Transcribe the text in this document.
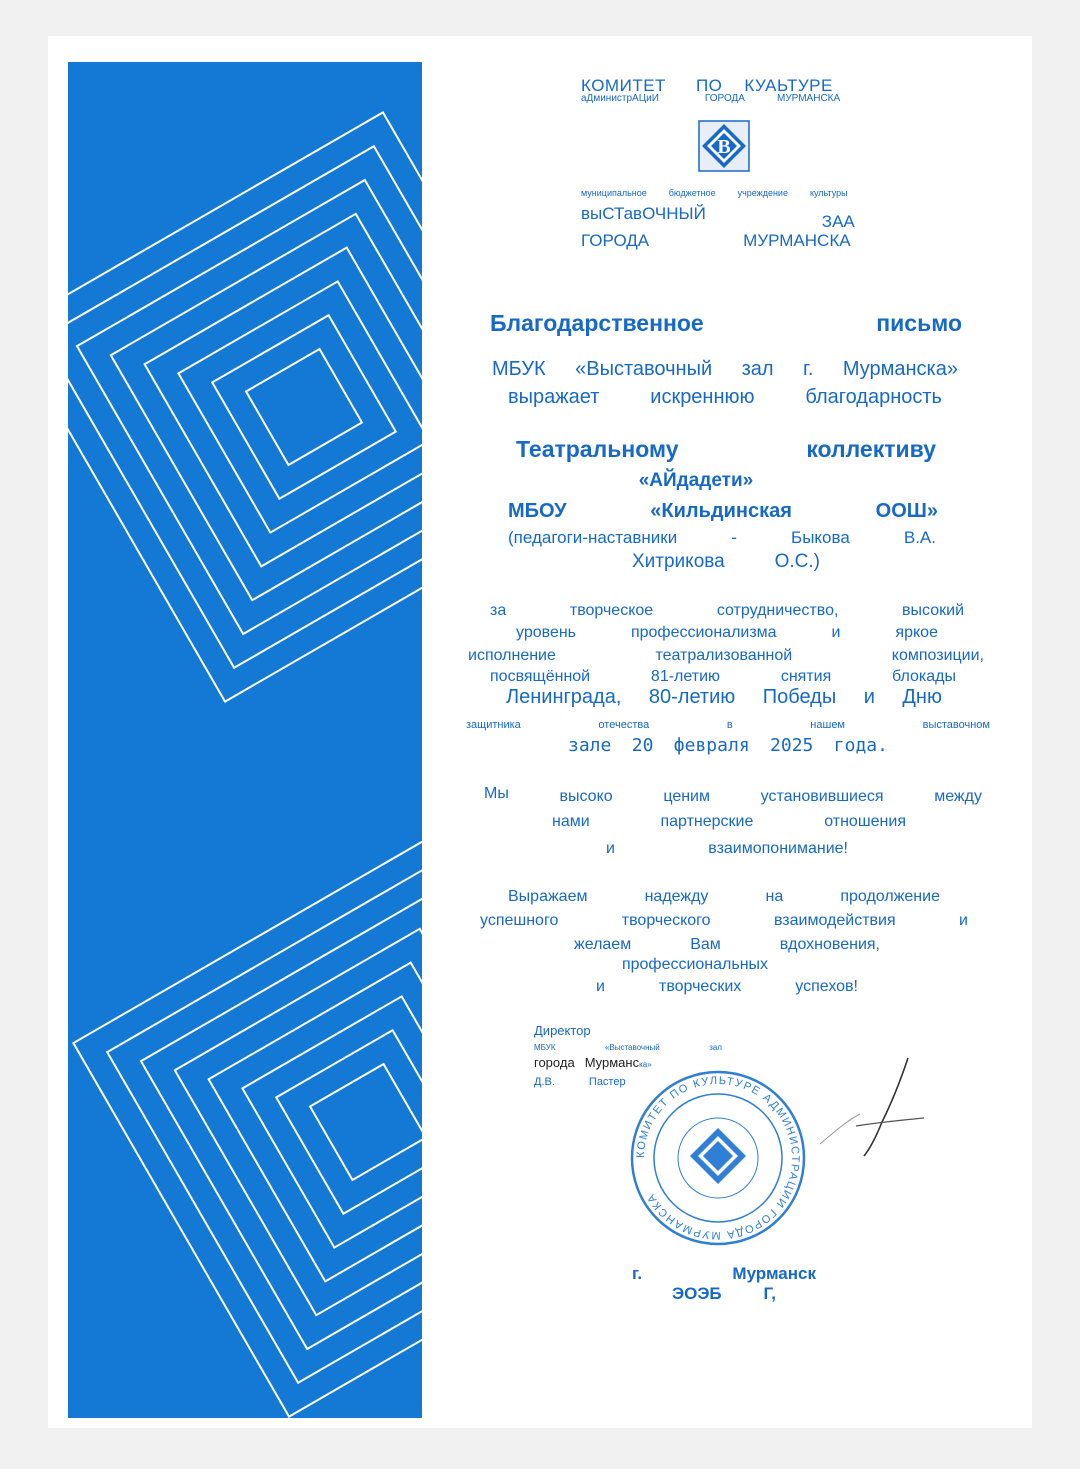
КОМИТЕТ ПО КУАЬТУРЕ
аДминистрАЦиИ	ГОРОДА	МУРМАНСКА
В
муниципальное бюджетное учреждение культуры
выСТавОЧНЫЙ	ЗАА
ГОРОДА	МУРМАНСКА
Благодарственное	письмо
МБУК «Выставочный зал г. Мурманска»
выражает	искреннюю	благодарность
Театральному	коллективу
«АЙдадети»
МБОУ	«Кильдинская	ООШ»
(педагоги-наставники	-	Быкова	В.А.
Хитрикова	О.С.)
за	творческое	сотрудничество,	высокий
уровень	профессионализма	и	яркое
исполнение	театрализованной	композиции,
посвящённой	81-летию	снятия	блокады
Ленинграда, 80-летию Победы и Дню
защитника	отечества	в	нашем	выставочном
зале 20 февраля 2025 года.
Мы	высоко	ценим	установившиеся	между
нами	партнерские	отношения
и	взаимопонимание!
Выражаем	надежду	на	продолжение
успешного	творческого	взаимодействия	и
желаем	Вам	вдохновения,
профессиональных
и	творческих	успехов!
Директор
МБУК	«Выставочный	зал
города Мурманска»
Д.В.	Пастер
КОМИТЕТ ПО КУЛЬТУРЕ АДМИНИСТРАЦИИ ГОРОДА МУРМАНСКА
г.	Мурманск
ЭОЭБ Г,
